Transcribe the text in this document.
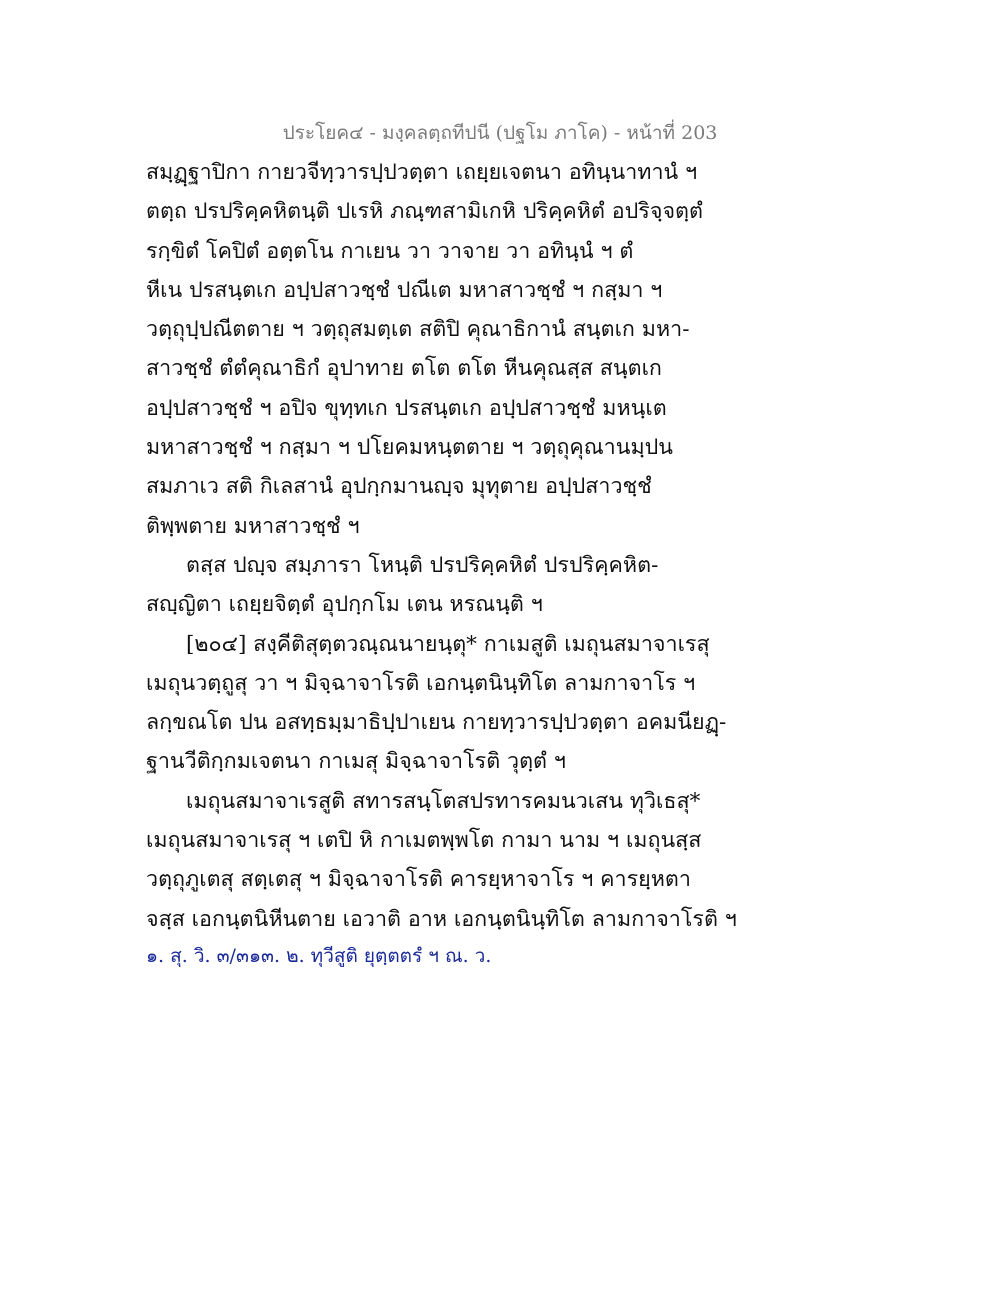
ประโยค๔ - มงฺคลตฺถทีปนี (ปฐโม ภาโค) - หน้าที่ 203
สมฺฏฺฐาปิกา กายวจีทฺวารปฺปวตฺตา เถยฺยเจตนา อทินฺนาทานํ ฯ
ตตฺถ ปรปริคฺคหิตนฺติ ปเรหิ ภณฺฑสามิเกหิ ปริคฺคหิตํ อปริจฺจตฺตํ
รกฺขิตํ โคปิตํ อตฺตโน กาเยน วา วาจาย วา อทินฺนํ ฯ ตํ
หีเน ปรสนฺตเก อปฺปสาวชฺชํ ปณีเต มหาสาวชฺชํ ฯ กสฺมา ฯ
วตฺถุปฺปณีตตาย ฯ วตฺถุสมตฺเต สติปิ คุณาธิกานํ สนฺตเก มหา-
สาวชฺชํ ตํตํคุณาธิกํ อุปาทาย ตโต ตโต หีนคุณสฺส สนฺตเก
อปฺปสาวชฺชํ ฯ อปิจ ขุทฺทเก ปรสนฺตเก อปฺปสาวชฺชํ มหนฺเต
มหาสาวชฺชํ ฯ กสฺมา ฯ ปโยคมหนฺตตาย ฯ วตฺถุคุณานมฺปน
สมภาเว สติ กิเลสานํ อุปกฺกมานญฺจ มุทุตาย อปฺปสาวชฺชํ
ติพฺพตาย มหาสาวชฺชํ ฯ
ตสฺส ปญฺจ สมฺภารา โหนฺติ ปรปริคฺคหิตํ ปรปริคฺคหิต-
สญฺญิตา เถยฺยจิตฺตํ อุปกฺกโม เตน หรณนฺติ ฯ
[๒๐๔] สงฺคีติสุตฺตวณฺณนายนฺตุ* กาเมสูติ เมถุนสมาจาเรสุ
เมถุนวตฺถูสุ วา ฯ มิจฺฉาจาโรติ เอกนฺตนินฺทิโต ลามกาจาโร ฯ
ลกฺขณโต ปน อสทฺธมฺมาธิปฺปาเยน กายทฺวารปฺปวตฺตา อคมนียฏฺ-
ฐานวีติกฺกมเจตนา กาเมสุ มิจฺฉาจาโรติ วุตฺตํ ฯ
เมถุนสมาจาเรสูติ สทารสนฺโตสปรทารคมนวเสน ทุวิเธสุ*
เมถุนสมาจาเรสุ ฯ เตปิ หิ กาเมตพฺพโต กามา นาม ฯ เมถุนสฺส
วตฺถุภูเตสุ สตฺเตสุ ฯ มิจฺฉาจาโรติ คารยฺหาจาโร ฯ คารยฺหตา
จสฺส เอกนฺตนิหีนตาย เอวาติ อาห เอกนฺตนินฺทิโต ลามกาจาโรติ ฯ
๑. สุ. วิ. ๓/๓๑๓. ๒. ทุวีสูติ ยุตฺตตรํ ฯ ณ. ว.
